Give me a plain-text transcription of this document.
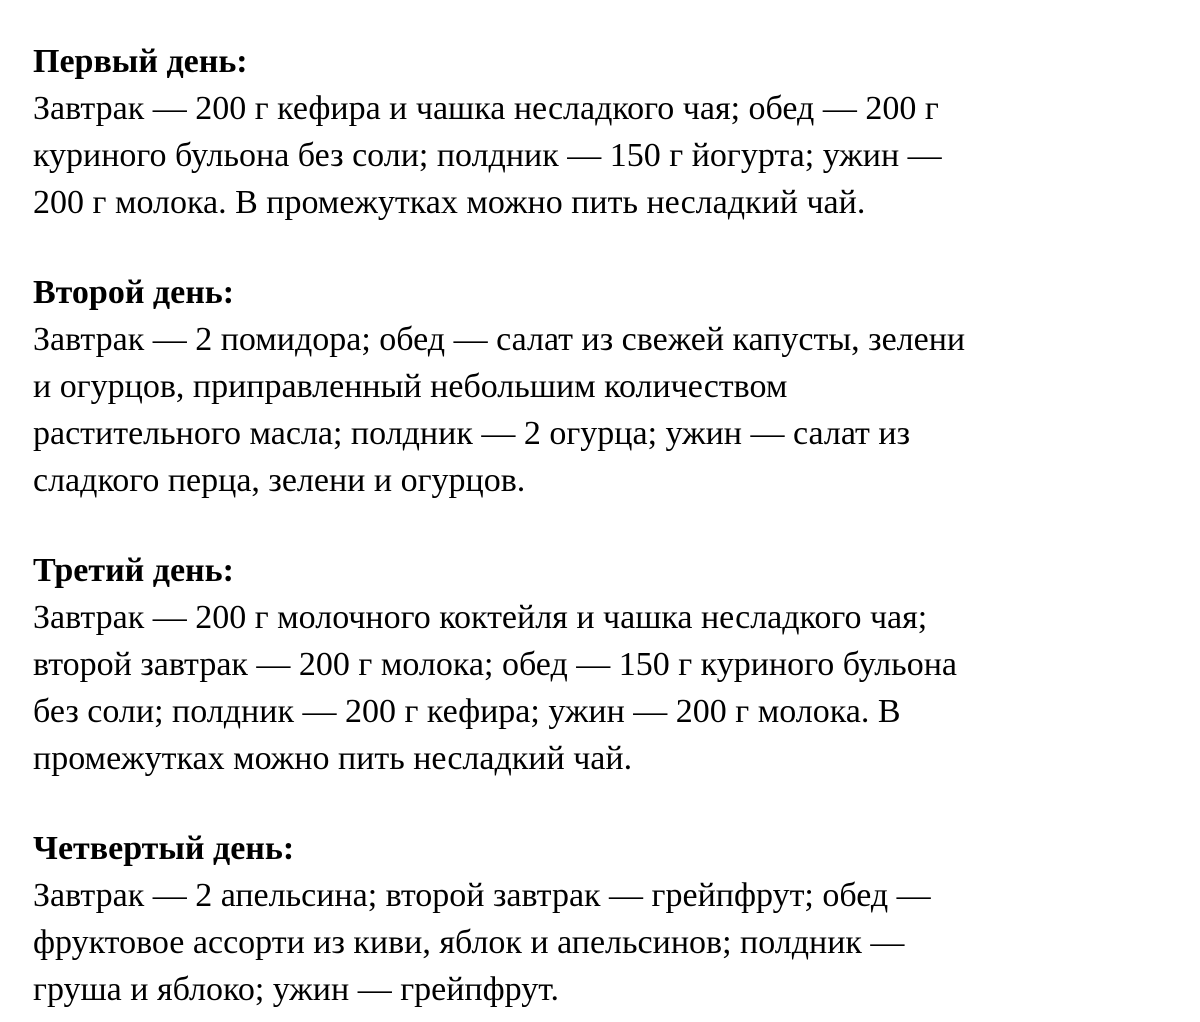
Первый день:

Завтрак — 200 г кефира и чашка несладкого чая; обед — 200 г
куриного бульона без соли; полдник — 150 г йогурта; ужин —
200 г молока. В промежутках можно пить несладкий чай.

Второй день:

Завтрак — 2 помидора; обед — салат из свежей капусты, зелени
и огурцов, приправленный небольшим количеством
растительного масла; полдник — 2 огурца; ужин — салат из
сладкого перца, зелени и огурцов.

Третий день:

Завтрак — 200 г молочного коктейля и чашка несладкого чая;
второй завтрак — 200 г молока; обед — 150 г куриного бульона
без соли; полдник — 200 г кефира; ужин — 200 г молока. В
промежутках можно пить несладкий чай.

Четвертый день:

Завтрак — 2 апельсина; второй завтрак — грейпфрут; обед —
фруктовое ассорти из киви, яблок и апельсинов; полдник —
груша и яблоко; ужин — грейпфрут.
